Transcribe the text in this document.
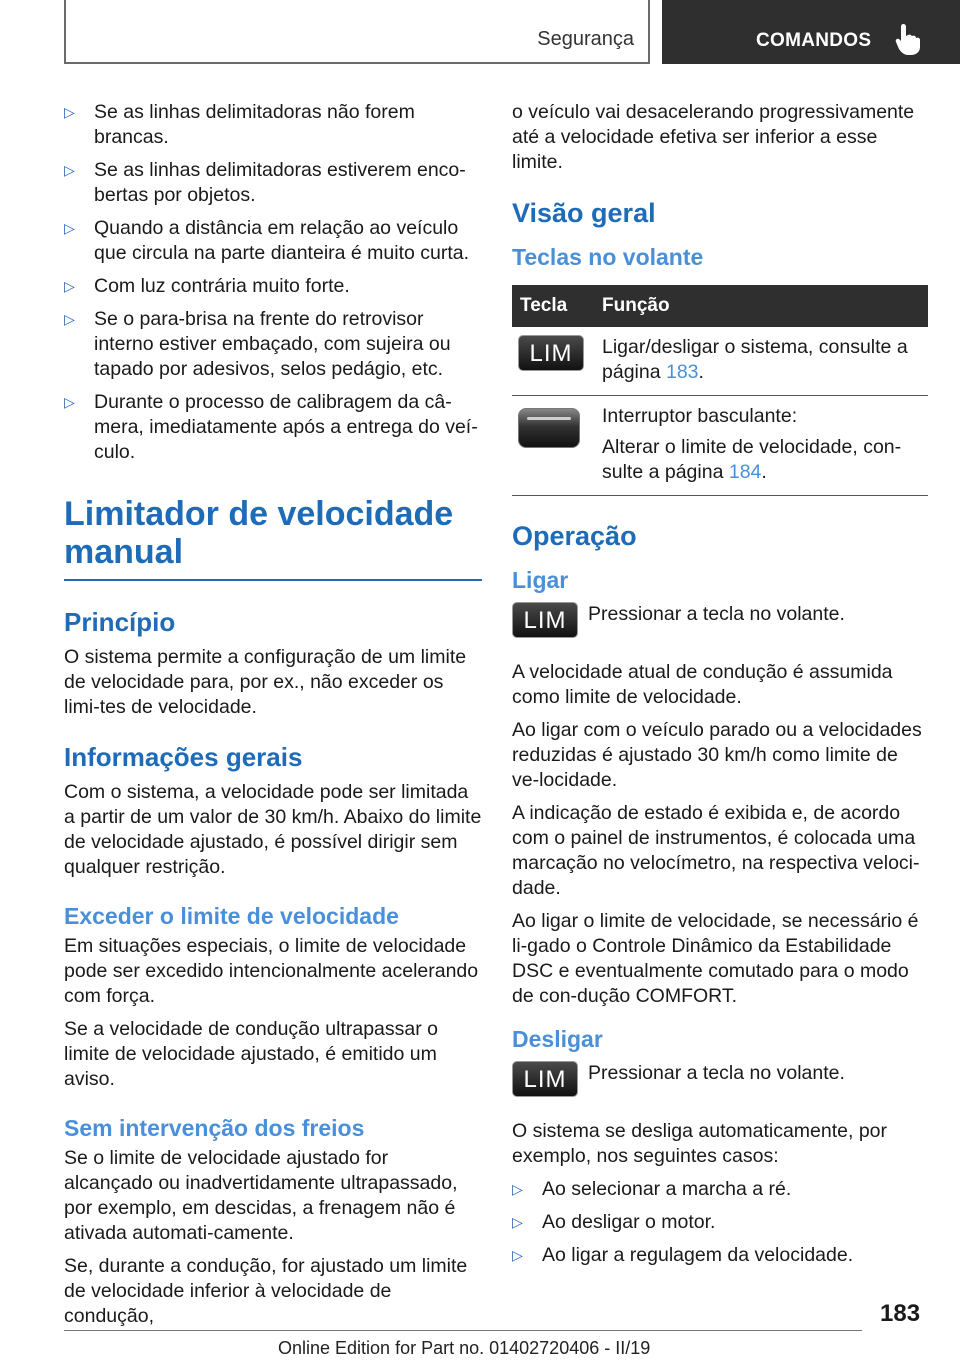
Segurança	COMANDOS
▷ Se as linhas delimitadoras não forem brancas.
▷ Se as linhas delimitadoras estiverem enco‐bertas por objetos.
▷ Quando a distância em relação ao veículo que circula na parte dianteira é muito curta.
▷ Com luz contrária muito forte.
▷ Se o para-brisa na frente do retrovisor interno estiver embaçado, com sujeira ou tapado por adesivos, selos pedágio, etc.
▷ Durante o processo de calibragem da câ‐mera, imediatamente após a entrega do veí‐culo.
Limitador de velocidade manual
Princípio

O sistema permite a configuração de um limite de velocidade para, por ex., não exceder os limi‐tes de velocidade.

Informações gerais

Com o sistema, a velocidade pode ser limitada a partir de um valor de 30 km/h. Abaixo do limite de velocidade ajustado, é possível dirigir sem qualquer restrição.

Exceder o limite de velocidade

Em situações especiais, o limite de velocidade pode ser excedido intencionalmente acelerando com força.

Se a velocidade de condução ultrapassar o limite de velocidade ajustado, é emitido um aviso.

Sem intervenção dos freios

Se o limite de velocidade ajustado for alcançado ou inadvertidamente ultrapassado, por exemplo, em descidas, a frenagem não é ativada automati‐camente.

Se, durante a condução, for ajustado um limite de velocidade inferior à velocidade de condução,

o veículo vai desacelerando progressivamente até a velocidade efetiva ser inferior a esse limite.

Visão geral
Teclas no volante
Tecla	Função

LIM	Ligar/desligar o sistema, consulte a página 183.

	Interruptor basculante:
Alterar o limite de velocidade, con‐sulte a página 184.
Operação
Ligar
LIM	Pressionar a tecla no volante.

A velocidade atual de condução é assumida como limite de velocidade.

Ao ligar com o veículo parado ou a velocidades reduzidas é ajustado 30 km/h como limite de ve‐locidade.

A indicação de estado é exibida e, de acordo com o painel de instrumentos, é colocada uma marcação no velocímetro, na respectiva veloci‐dade.

Ao ligar o limite de velocidade, se necessário é li‐gado o Controle Dinâmico da Estabilidade DSC e eventualmente comutado para o modo de con‐dução COMFORT.

Desligar
LIM	Pressionar a tecla no volante.

O sistema se desliga automaticamente, por exemplo, nos seguintes casos:

▷ Ao selecionar a marcha a ré.
▷ Ao desligar o motor.
▷ Ao ligar a regulagem da velocidade.
183
Online Edition for Part no. 01402720406 - II/19
